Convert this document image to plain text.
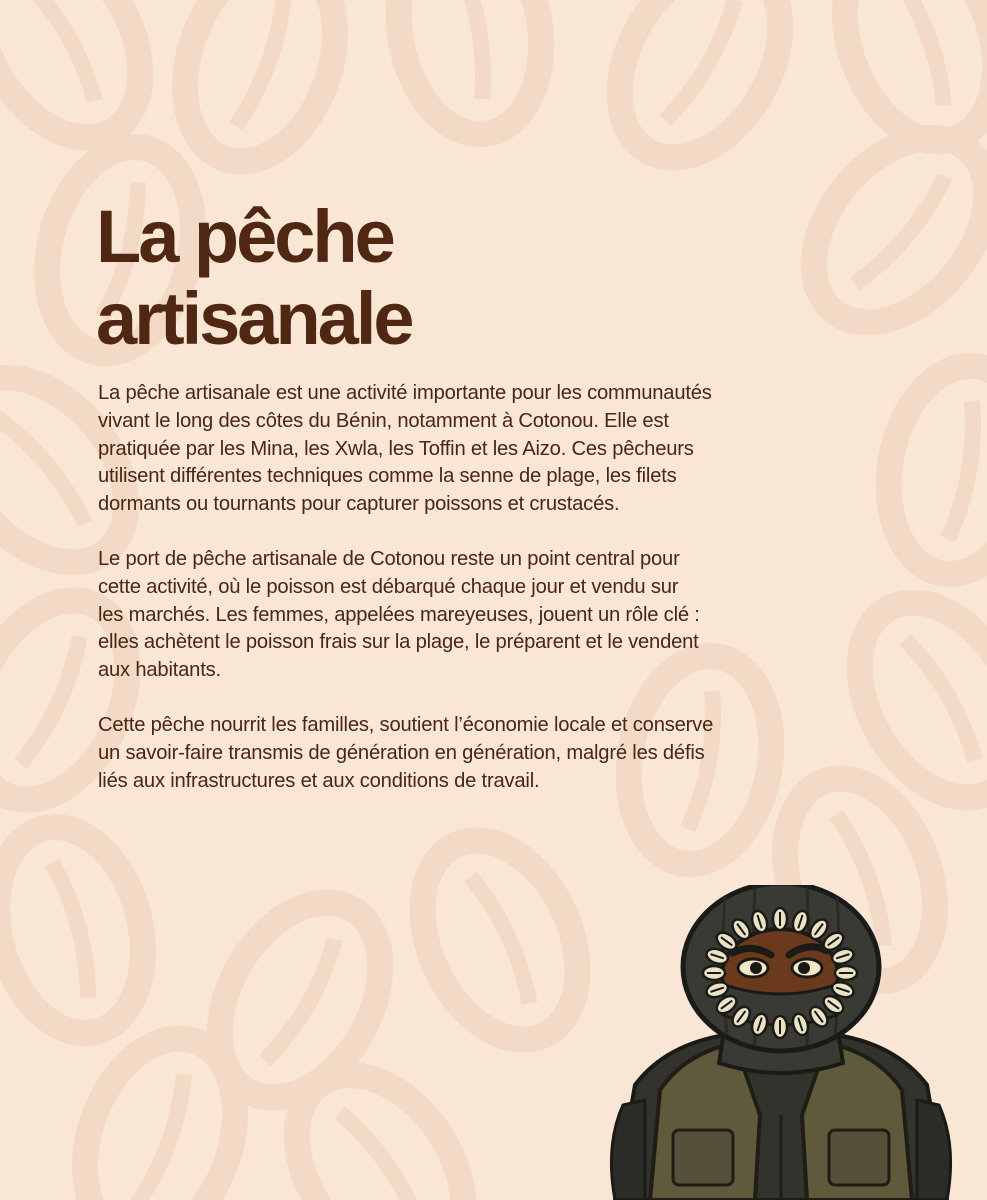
La pêche
artisanale

La pêche artisanale est une activité importante pour les communautés
vivant le long des côtes du Bénin, notamment à Cotonou. Elle est
pratiquée par les Mina, les Xwla, les Toffin et les Aizo. Ces pêcheurs
utilisent différentes techniques comme la senne de plage, les filets
dormants ou tournants pour capturer poissons et crustacés.

Le port de pêche artisanale de Cotonou reste un point central pour
cette activité, où le poisson est débarqué chaque jour et vendu sur
les marchés. Les femmes, appelées mareyeuses, jouent un rôle clé :
elles achètent le poisson frais sur la plage, le préparent et le vendent
aux habitants.

Cette pêche nourrit les familles, soutient l’économie locale et conserve
un savoir-faire transmis de génération en génération, malgré les défis
liés aux infrastructures et aux conditions de travail.
